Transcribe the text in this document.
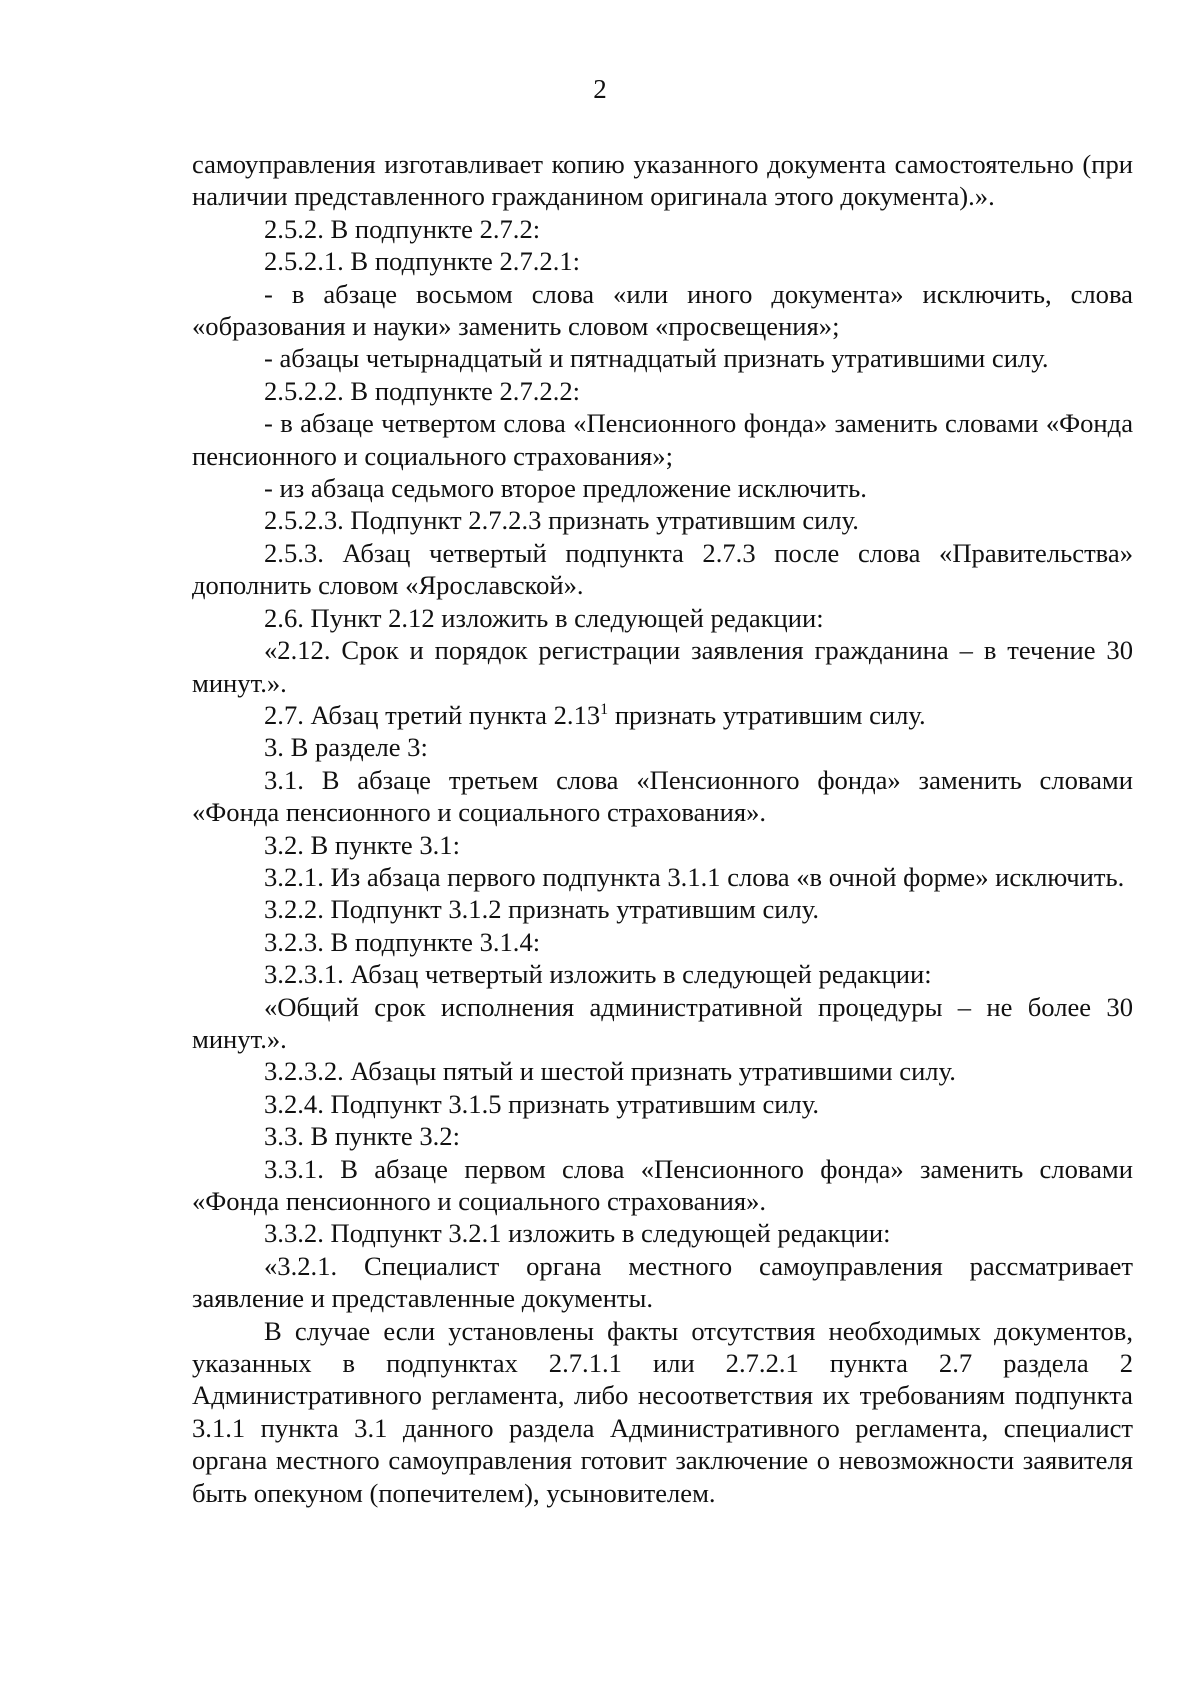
2

самоуправления изготавливает копию указанного документа самостоятельно (при наличии представленного гражданином оригинала этого документа).».

2.5.2. В подпункте 2.7.2:

2.5.2.1. В подпункте 2.7.2.1:

- в абзаце восьмом слова «или иного документа» исключить, слова «образования и науки» заменить словом «просвещения»;

- абзацы четырнадцатый и пятнадцатый признать утратившими силу.

2.5.2.2. В подпункте 2.7.2.2:

- в абзаце четвертом слова «Пенсионного фонда» заменить словами «Фонда пенсионного и социального страхования»;

- из абзаца седьмого второе предложение исключить.

2.5.2.3. Подпункт 2.7.2.3 признать утратившим силу.

2.5.3. Абзац четвертый подпункта 2.7.3 после слова «Правительства» дополнить словом «Ярославской».

2.6. Пункт 2.12 изложить в следующей редакции:

«2.12. Срок и порядок регистрации заявления гражданина – в течение 30 минут.».

2.7. Абзац третий пункта 2.13$^1$ признать утратившим силу.

3. В разделе 3:

3.1. В абзаце третьем слова «Пенсионного фонда» заменить словами «Фонда пенсионного и социального страхования».

3.2. В пункте 3.1:

3.2.1. Из абзаца первого подпункта 3.1.1 слова «в очной форме» исключить.

3.2.2. Подпункт 3.1.2 признать утратившим силу.

3.2.3. В подпункте 3.1.4:

3.2.3.1. Абзац четвертый изложить в следующей редакции:

«Общий срок исполнения административной процедуры – не более 30 минут.».

3.2.3.2. Абзацы пятый и шестой признать утратившими силу.

3.2.4. Подпункт 3.1.5 признать утратившим силу.

3.3. В пункте 3.2:

3.3.1. В абзаце первом слова «Пенсионного фонда» заменить словами «Фонда пенсионного и социального страхования».

3.3.2. Подпункт 3.2.1 изложить в следующей редакции:

«3.2.1. Специалист органа местного самоуправления рассматривает заявление и представленные документы.

В случае если установлены факты отсутствия необходимых документов, указанных в подпунктах 2.7.1.1 или 2.7.2.1 пункта 2.7 раздела 2 Административного регламента, либо несоответствия их требованиям подпункта 3.1.1 пункта 3.1 данного раздела Административного регламента, специалист органа местного самоуправления готовит заключение о невозможности заявителя быть опекуном (попечителем), усыновителем.
